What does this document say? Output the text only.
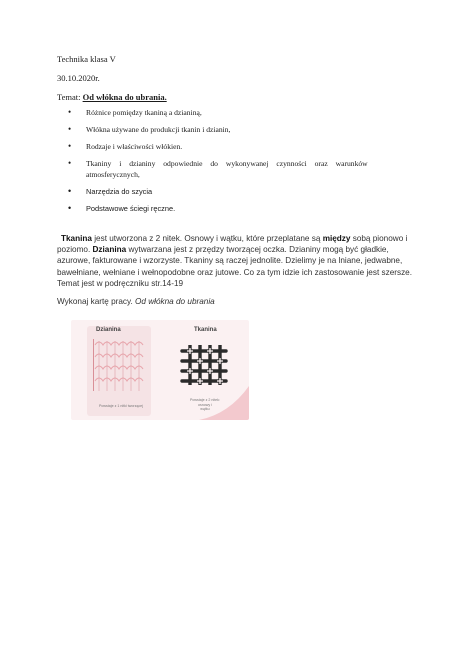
Technika klasa V
30.10.2020r.
Temat: Od włókna do ubrania.
• Różnice pomiędzy tkaniną a dzianiną,
• Włókna używane do produkcji tkanin i dzianin,
• Rodzaje i właściwości włókien.
• Tkaniny i dzianiny odpowiednie do wykonywanej czynności oraz warunków
atmosferycznych,
• Narzędzia do szycia
• Podstawowe ściegi ręczne.
Tkanina jest utworzona z 2 nitek. Osnowy i wątku, które przeplatane są między sobą pionowo i poziomo. Dzianina wytwarzana jest z przędzy tworzącej oczka. Dzianiny mogą być gładkie, azurowe, fakturowane i wzorzyste. Tkaniny są raczej jednolite. Dzielimy je na lniane, jedwabne, bawełniane, wełniane i wełnopodobne oraz jutowe. Co za tym idzie ich zastosowanie jest szersze. Temat jest w podręczniku str.14-19
Wykonaj kartę pracy. Od włókna do ubrania
Dzianina
Powstaje z 1 nitki tworzącej
Tkanina
Powstaje z 2 nitek:
osnowy i
wątku
